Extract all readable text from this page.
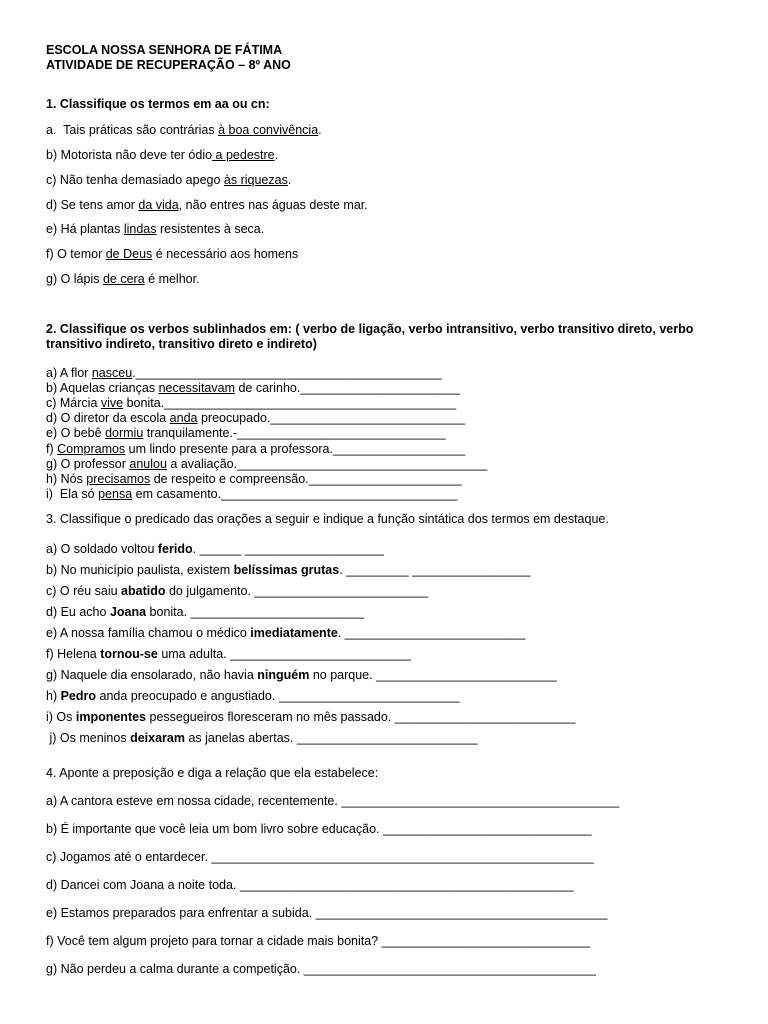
ESCOLA NOSSA SENHORA DE FÁTIMA
ATIVIDADE DE RECUPERAÇÃO – 8º ANO
1. Classifique os termos em aa ou cn:
a.  Tais práticas são contrárias à boa convivência.
b) Motorista não deve ter ódio a pedestre.
c) Não tenha demasiado apego às riquezas.
d) Se tens amor da vida, não entres nas águas deste mar.
e) Há plantas lindas resistentes à seca.
f) O temor de Deus é necessário aos homens
g) O lápis de cera é melhor.
2. Classifique os verbos sublinhados em: ( verbo de ligação, verbo intransitivo, verbo transitivo direto, verbo transitivo indireto, transitivo direto e indireto)
a) A flor nasceu.____________________________________________
b) Aquelas crianças necessitavam de carinho._______________________
c) Márcia vive bonita.__________________________________________
d) O diretor da escola anda preocupado.____________________________
e) O bebê dormiu tranquilamente.-______________________________
f) Compramos um lindo presente para a professora.___________________
g) O professor anulou a avaliação.____________________________________
h) Nós precisamos de respeito e compreensão.______________________
i)  Ela só pensa em casamento.__________________________________
3. Classifique o predicado das orações a seguir e indique a função sintática dos termos em destaque.
a) O soldado voltou ferido. ______ ____________________
b) No município paulista, existem belíssimas grutas. _________ _________________
c) O réu saiu abatido do julgamento. _________________________
d) Eu acho Joana bonita. _________________________
e) A nossa família chamou o médico imediatamente. __________________________
f) Helena tornou-se uma adulta. __________________________
g) Naquele dia ensolarado, não havia ninguém no parque. __________________________
h) Pedro anda preocupado e angustiado. __________________________
i) Os imponentes pessegueiros floresceram no mês passado. __________________________
j) Os meninos deixaram as janelas abertas. __________________________
4. Aponte a preposição e diga a relação que ela estabelece:
a) A cantora esteve em nossa cidade, recentemente. ________________________________________
b) É importante que você leia um bom livro sobre educação. ______________________________
c) Jogamos até o entardecer. _______________________________________________________
d) Dancei com Joana a noite toda. ________________________________________________
e) Estamos preparados para enfrentar a subida. __________________________________________
f) Você tem algum projeto para tornar a cidade mais bonita? ______________________________
g) Não perdeu a calma durante a competição. __________________________________________
